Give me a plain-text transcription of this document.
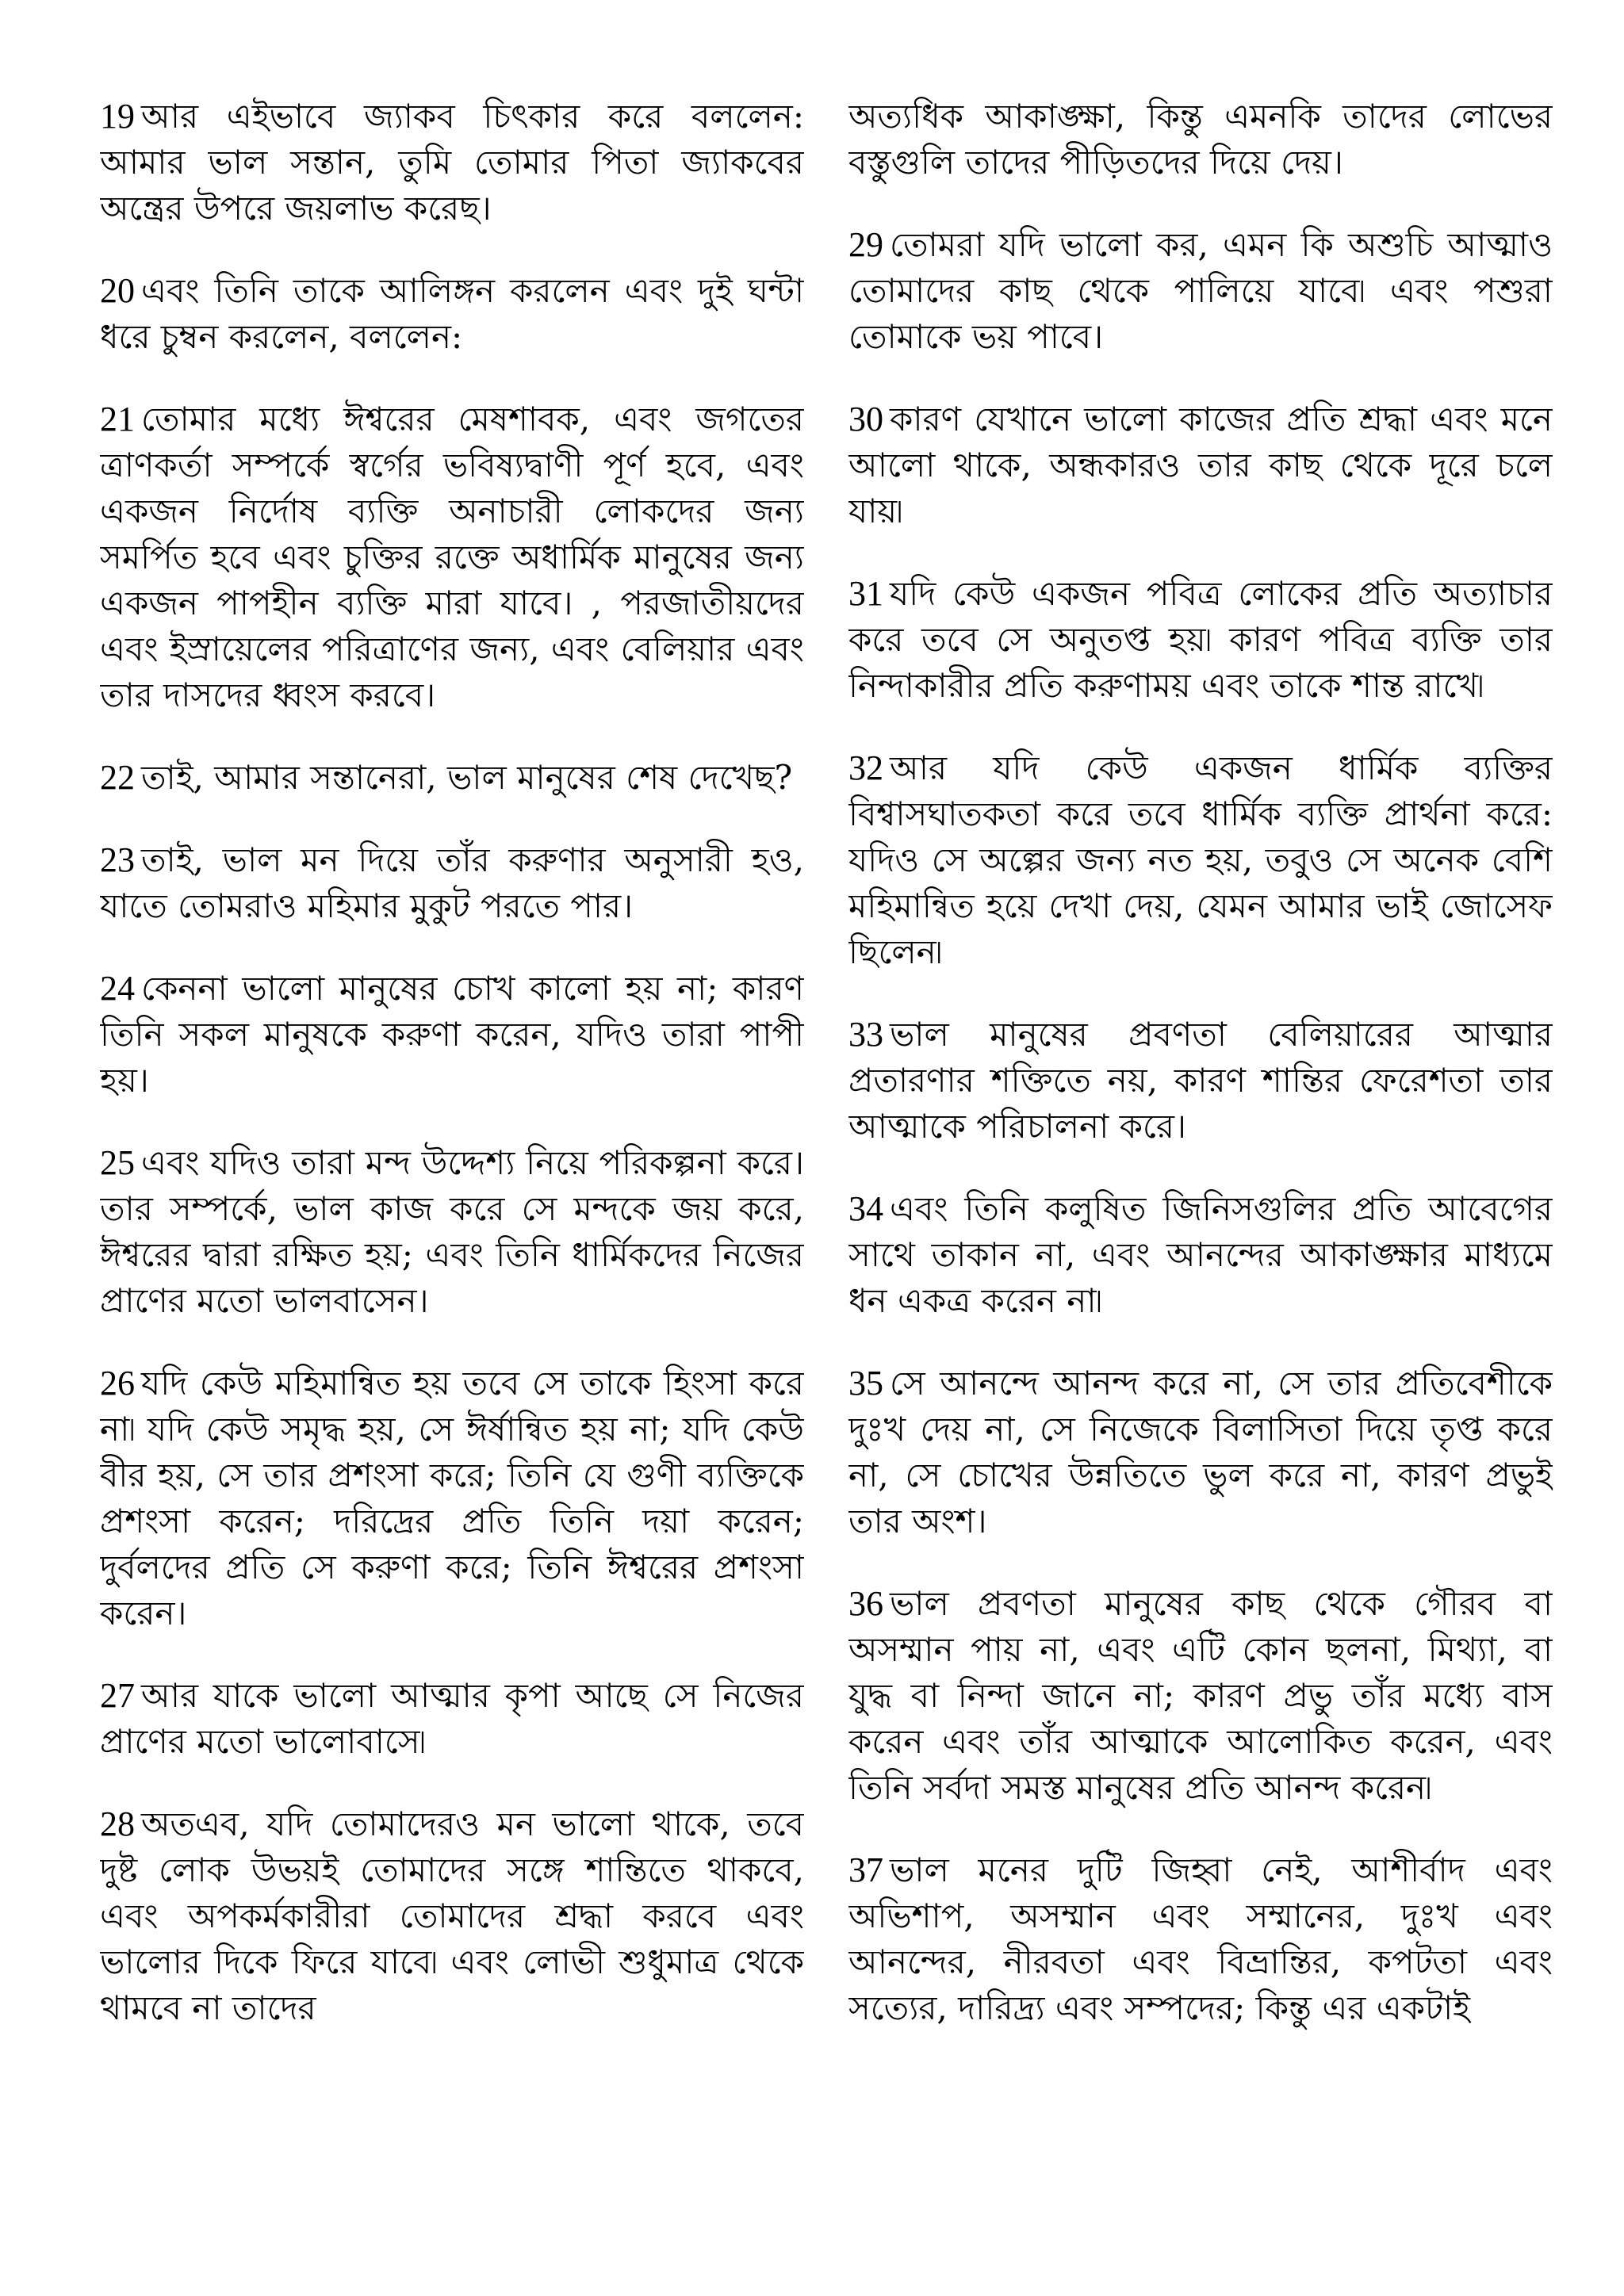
19 আর এইভাবে জ্যাকব চিৎকার করে বললেন: আমার ভাল সন্তান, তুমি তোমার পিতা জ্যাকবের অন্ত্রের উপরে জয়লাভ করেছ।

20 এবং তিনি তাকে আলিঙ্গন করলেন এবং দুই ঘন্টা ধরে চুম্বন করলেন, বললেন:

21 তোমার মধ্যে ঈশ্বরের মেষশাবক, এবং জগতের ত্রাণকর্তা সম্পর্কে স্বর্গের ভবিষ্যদ্বাণী পূর্ণ হবে, এবং একজন নির্দোষ ব্যক্তি অনাচারী লোকদের জন্য সমর্পিত হবে এবং চুক্তির রক্তে অধার্মিক মানুষের জন্য একজন পাপহীন ব্যক্তি মারা যাবে। , পরজাতীয়দের এবং ইস্রায়েলের পরিত্রাণের জন্য, এবং বেলিয়ার এবং তার দাসদের ধ্বংস করবে।

22 তাই, আমার সন্তানেরা, ভাল মানুষের শেষ দেখেছ?

23 তাই, ভাল মন দিয়ে তাঁর করুণার অনুসারী হও, যাতে তোমরাও মহিমার মুকুট পরতে পার।

24 কেননা ভালো মানুষের চোখ কালো হয় না; কারণ তিনি সকল মানুষকে করুণা করেন, যদিও তারা পাপী হয়।

25 এবং যদিও তারা মন্দ উদ্দেশ্য নিয়ে পরিকল্পনা করে। তার সম্পর্কে, ভাল কাজ করে সে মন্দকে জয় করে, ঈশ্বরের দ্বারা রক্ষিত হয়; এবং তিনি ধার্মিকদের নিজের প্রাণের মতো ভালবাসেন।

26 যদি কেউ মহিমান্বিত হয় তবে সে তাকে হিংসা করে না৷ যদি কেউ সমৃদ্ধ হয়, সে ঈর্ষান্বিত হয় না; যদি কেউ বীর হয়, সে তার প্রশংসা করে; তিনি যে গুণী ব্যক্তিকে প্রশংসা করেন; দরিদ্রের প্রতি তিনি দয়া করেন; দুর্বলদের প্রতি সে করুণা করে; তিনি ঈশ্বরের প্রশংসা করেন।

27 আর যাকে ভালো আত্মার কৃপা আছে সে নিজের প্রাণের মতো ভালোবাসে৷

28 অতএব, যদি তোমাদেরও মন ভালো থাকে, তবে দুষ্ট লোক উভয়ই তোমাদের সঙ্গে শান্তিতে থাকবে, এবং অপকর্মকারীরা তোমাদের শ্রদ্ধা করবে এবং ভালোর দিকে ফিরে যাবে৷ এবং লোভী শুধুমাত্র থেকে থামবে না তাদের

অত্যধিক আকাঙ্ক্ষা, কিন্তু এমনকি তাদের লোভের বস্তুগুলি তাদের পীড়িতদের দিয়ে দেয়।

29 তোমরা যদি ভালো কর, এমন কি অশুচি আত্মাও তোমাদের কাছ থেকে পালিয়ে যাবে৷ এবং পশুরা তোমাকে ভয় পাবে।

30 কারণ যেখানে ভালো কাজের প্রতি শ্রদ্ধা এবং মনে আলো থাকে, অন্ধকারও তার কাছ থেকে দূরে চলে যায়৷

31 যদি কেউ একজন পবিত্র লোকের প্রতি অত্যাচার করে তবে সে অনুতপ্ত হয়৷ কারণ পবিত্র ব্যক্তি তার নিন্দাকারীর প্রতি করুণাময় এবং তাকে শান্ত রাখে৷

32 আর যদি কেউ একজন ধার্মিক ব্যক্তির বিশ্বাসঘাতকতা করে তবে ধার্মিক ব্যক্তি প্রার্থনা করে: যদিও সে অল্পের জন্য নত হয়, তবুও সে অনেক বেশি মহিমান্বিত হয়ে দেখা দেয়, যেমন আমার ভাই জোসেফ ছিলেন৷

33 ভাল মানুষের প্রবণতা বেলিয়ারের আত্মার প্রতারণার শক্তিতে নয়, কারণ শান্তির ফেরেশতা তার আত্মাকে পরিচালনা করে।

34 এবং তিনি কলুষিত জিনিসগুলির প্রতি আবেগের সাথে তাকান না, এবং আনন্দের আকাঙ্ক্ষার মাধ্যমে ধন একত্র করেন না৷

35 সে আনন্দে আনন্দ করে না, সে তার প্রতিবেশীকে দুঃখ দেয় না, সে নিজেকে বিলাসিতা দিয়ে তৃপ্ত করে না, সে চোখের উন্নতিতে ভুল করে না, কারণ প্রভুই তার অংশ।

36 ভাল প্রবণতা মানুষের কাছ থেকে গৌরব বা অসম্মান পায় না, এবং এটি কোন ছলনা, মিথ্যা, বা যুদ্ধ বা নিন্দা জানে না; কারণ প্রভু তাঁর মধ্যে বাস করেন এবং তাঁর আত্মাকে আলোকিত করেন, এবং তিনি সর্বদা সমস্ত মানুষের প্রতি আনন্দ করেন৷

37 ভাল মনের দুটি জিহ্বা নেই, আশীর্বাদ এবং অভিশাপ, অসম্মান এবং সম্মানের, দুঃখ এবং আনন্দের, নীরবতা এবং বিভ্রান্তির, কপটতা এবং সত্যের, দারিদ্র্য এবং সম্পদের; কিন্তু এর একটাই
